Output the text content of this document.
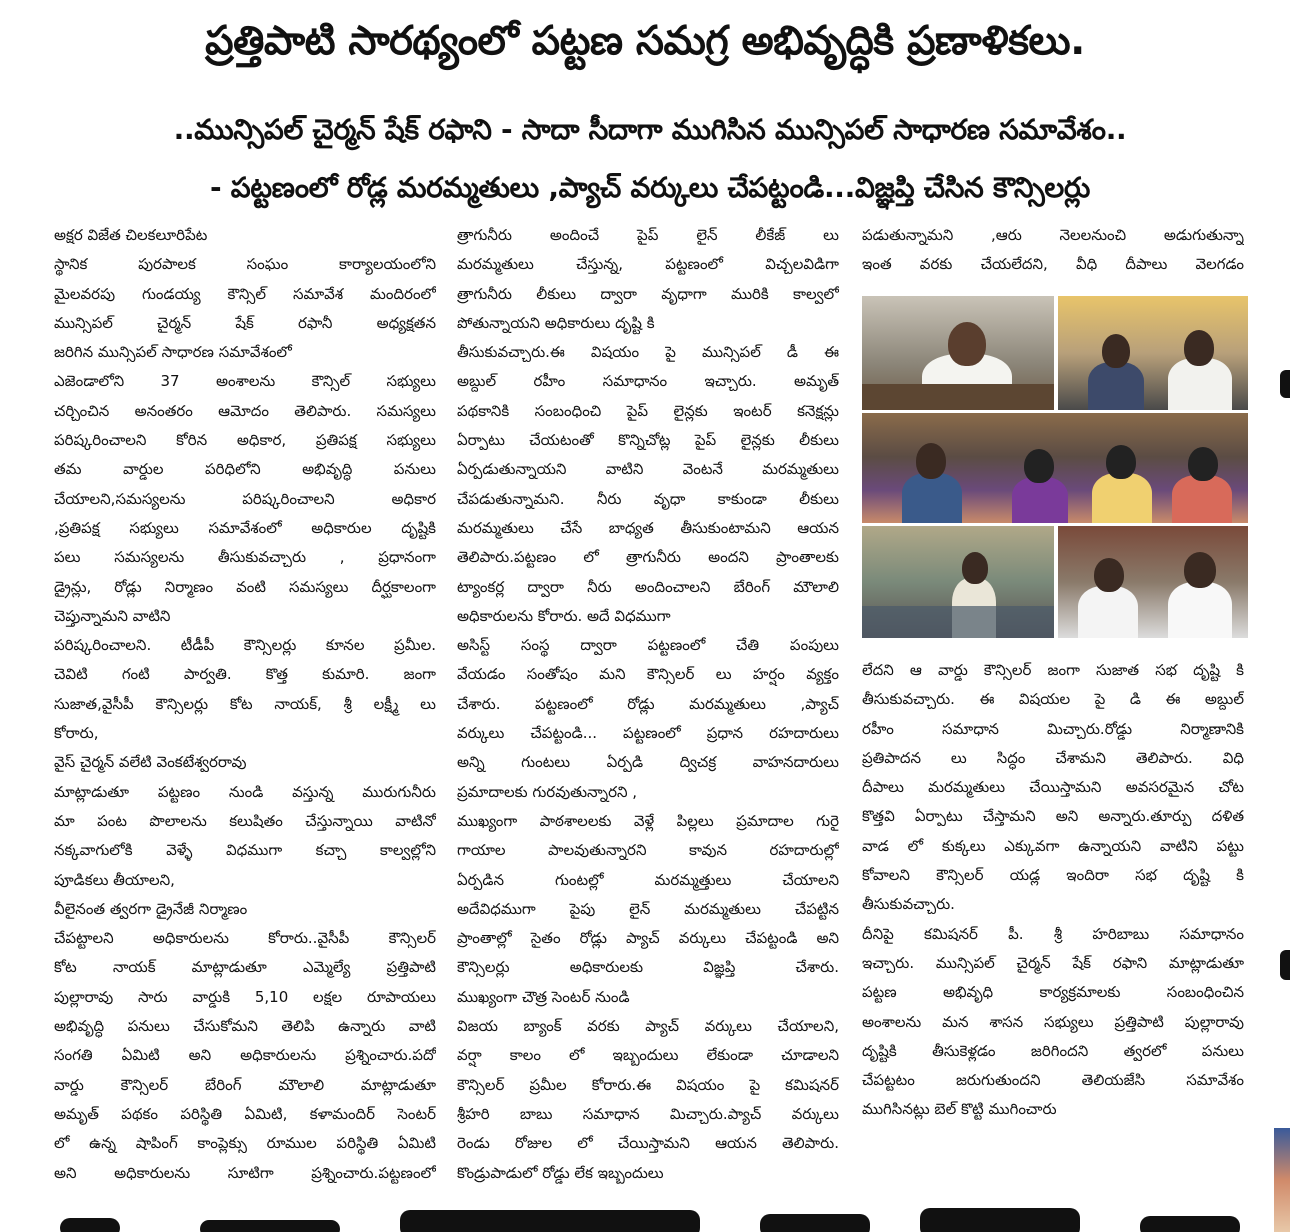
ప్రత్తిపాటి సారథ్యంలో పట్టణ సమగ్ర అభివృద్ధికి ప్రణాళికలు.
..మున్సిపల్ చైర్మన్ షేక్ రఫాని - సాదా సీదాగా ముగిసిన మున్సిపల్ సాధారణ సమావేశం..
- పట్టణంలో రోడ్ల మరమ్మతులు ,ప్యాచ్ వర్కులు చేపట్టండి...విజ్ఞప్తి చేసిన కౌన్సిలర్లు
అక్షర విజేత చిలకలూరిపేట
స్థానిక పురపాలక సంఘం కార్యాలయంలోని
మైలవరపు గుండయ్య కౌన్సిల్ సమావేశ మందిరంలో
మున్సిపల్ చైర్మన్ షేక్ రఫానీ అధ్యక్షతన
జరిగిన మున్సిపల్ సాధారణ సమావేశంలో
ఎజెండాలోని 37 అంశాలను కౌన్సిల్ సభ్యులు
చర్చించిన అనంతరం ఆమోదం తెలిపారు. సమస్యలు
పరిష్కరించాలని కోరిన అధికార, ప్రతిపక్ష సభ్యులు
తమ వార్డుల పరిధిలోని అభివృద్ధి పనులు
చేయాలని,సమస్యలను పరిష్కరించాలని అధికార
,ప్రతిపక్ష సభ్యులు సమావేశంలో అధికారుల దృష్టికి
పలు సమస్యలను తీసుకువచ్చారు , ప్రధానంగా
డ్రైన్లు, రోడ్లు నిర్మాణం వంటి సమస్యలు దీర్ఘకాలంగా
చెప్తున్నామని వాటిని
పరిష్కరించాలని. టీడీపీ కౌన్సిలర్లు కూనల ప్రమీల.
చెవిటి గంటి పార్వతి. కొత్త కుమారి. జంగా
సుజాత,వైసీపీ కౌన్సిలర్లు కోట నాయక్, శ్రీ లక్ష్మీ లు
కోరారు,
వైస్ చైర్మన్ వలేటి వెంకటేశ్వరరావు
మాట్లాడుతూ పట్టణం నుండి వస్తున్న మురుగునీరు
మా పంట పొలాలను కలుషితం చేస్తున్నాయి వాటినో
నక్కవాగులోకి వెళ్ళే విధముగా కచ్చా కాల్వల్లోని
పూడికలు తీయాలని,
వీలైనంత త్వరగా డ్రైనేజీ నిర్మాణం
చేపట్టాలని అధికారులను కోరారు..వైసీపీ కౌన్సిలర్
కోట నాయక్ మాట్లాడుతూ ఎమ్మెల్యే ప్రత్తిపాటి
పుల్లారావు సారు వార్డుకి 5,10 లక్షల రూపాయలు
అభివృద్ధి పనులు చేసుకోమని తెలిపి ఉన్నారు వాటి
సంగతి ఏమిటి అని అధికారులను ప్రశ్నించారు.పదో
వార్డు కౌన్సిలర్ బేరింగ్ మౌలాలి మాట్లాడుతూ
అమృత్ పథకం పరిస్థితి ఏమిటి, కళామందిర్ సెంటర్
లో ఉన్న షాపింగ్ కాంప్లెక్సు రూముల పరిస్థితి ఏమిటి
అని అధికారులను సూటిగా ప్రశ్నించారు.పట్టణంలో
త్రాగునీరు అందించే పైప్ లైన్ లీకేజ్ లు
మరమ్మతులు చేస్తున్న, పట్టణంలో విచ్చలవిడిగా
త్రాగునీరు లీకులు ద్వారా వృధాగా మురికి కాల్వలో
పోతున్నాయని అధికారులు దృష్టి కి
తీసుకువచ్చారు.ఈ విషయం పై మున్సిపల్ డీ ఈ
అబ్దుల్ రహీం సమాధానం ఇచ్చారు. అమృత్
పథకానికి సంబంధించి పైప్ లైన్లకు ఇంటర్ కనెక్షన్లు
ఏర్పాటు చేయటంతో కొన్నిచోట్ల పైప్ లైన్లకు లీకులు
ఏర్పడుతున్నాయని వాటిని వెంటనే మరమ్మతులు
చేపడుతున్నామని. నీరు వృధా కాకుండా లీకులు
మరమ్మతులు చేసే బాధ్యత తీసుకుంటామని ఆయన
తెలిపారు.పట్టణం లో త్రాగునీరు అందని ప్రాంతాలకు
ట్యాంకర్ల ద్వారా నీరు అందించాలని బేరింగ్ మౌలాలి
అధికారులను కోరారు. అదే విధముగా
అసిస్ట్ సంస్థ ద్వారా పట్టణంలో చేతి పంపులు
వేయడం సంతోషం మని కౌన్సిలర్ లు హర్షం వ్యక్తం
చేశారు. పట్టణంలో రోడ్లు మరమ్మతులు ,ప్యాచ్
వర్కులు చేపట్టండి... పట్టణంలో ప్రధాన రహదారులు
అన్ని గుంటలు ఏర్పడి ద్విచక్ర వాహనదారులు
ప్రమాదాలకు గురవుతున్నారని ,
ముఖ్యంగా పాఠశాలలకు వెళ్లే పిల్లలు ప్రమాదాల గురై
గాయాల పాలవుతున్నారని కావున రహదారుల్లో
ఏర్పడిన గుంటల్లో మరమ్మత్తులు చేయాలని
అదేవిధముగా పైపు లైన్ మరమ్మతులు చేపట్టిన
ప్రాంతాల్లో సైతం రోడ్లు ప్యాచ్ వర్కులు చేపట్టండి అని
కౌన్సిలర్లు అధికారులకు విజ్ఞప్తి చేశారు.
ముఖ్యంగా చౌత్ర సెంటర్ నుండి
విజయ బ్యాంక్ వరకు ప్యాచ్ వర్కులు చేయాలని,
వర్షా కాలం లో ఇబ్బందులు లేకుండా చూడాలని
కౌన్సిలర్ ప్రమీల కోరారు.ఈ విషయం పై కమిషనర్
శ్రీహరి బాబు సమాధాన మిచ్చారు.ప్యాచ్ వర్కులు
రెండు రోజుల లో చేయిస్తామని ఆయన తెలిపారు.
కొండ్రుపాడులో రోడ్డు లేక ఇబ్బందులు
పడుతున్నామని ,ఆరు నెలలనుంచి అడుగుతున్నా
ఇంత వరకు చేయలేదని, వీధి దీపాలు వెలగడం
లేదని ఆ వార్డు కౌన్సిలర్ జంగా సుజాత సభ దృష్టి కి
తీసుకువచ్చారు. ఈ విషయల పై డి ఈ అబ్దుల్
రహీం సమాధాన మిచ్చారు.రోడ్డు నిర్మాణానికి
ప్రతిపాదన లు సిద్ధం చేశామని తెలిపారు. విధి
దీపాలు మరమ్మతులు చేయిస్తామని అవసరమైన చోట
కొత్తవి ఏర్పాటు చేస్తామని అని అన్నారు.తూర్పు దళిత
వాడ లో కుక్కలు ఎక్కువగా ఉన్నాయని వాటిని పట్టు
కోవాలని కౌన్సిలర్ యడ్ల ఇందిరా సభ దృష్టి కి
తీసుకువచ్చారు.
దీనిపై కమిషనర్ పీ. శ్రీ హరిబాబు సమాధానం
ఇచ్చారు. మున్సిపల్ చైర్మన్ షేక్ రఫాని మాట్లాడుతూ
పట్టణ అభివృధి కార్యక్రమాలకు సంబంధించిన
అంశాలను మన శాసన సభ్యులు ప్రత్తిపాటి పుల్లారావు
దృష్టికి తీసుకెళ్లడం జరిగిందని త్వరలో పనులు
చేపట్టటం జరుగుతుందని తెలియజేసి సమావేశం
ముగిసినట్లు బెల్ కొట్టి ముగించారు
